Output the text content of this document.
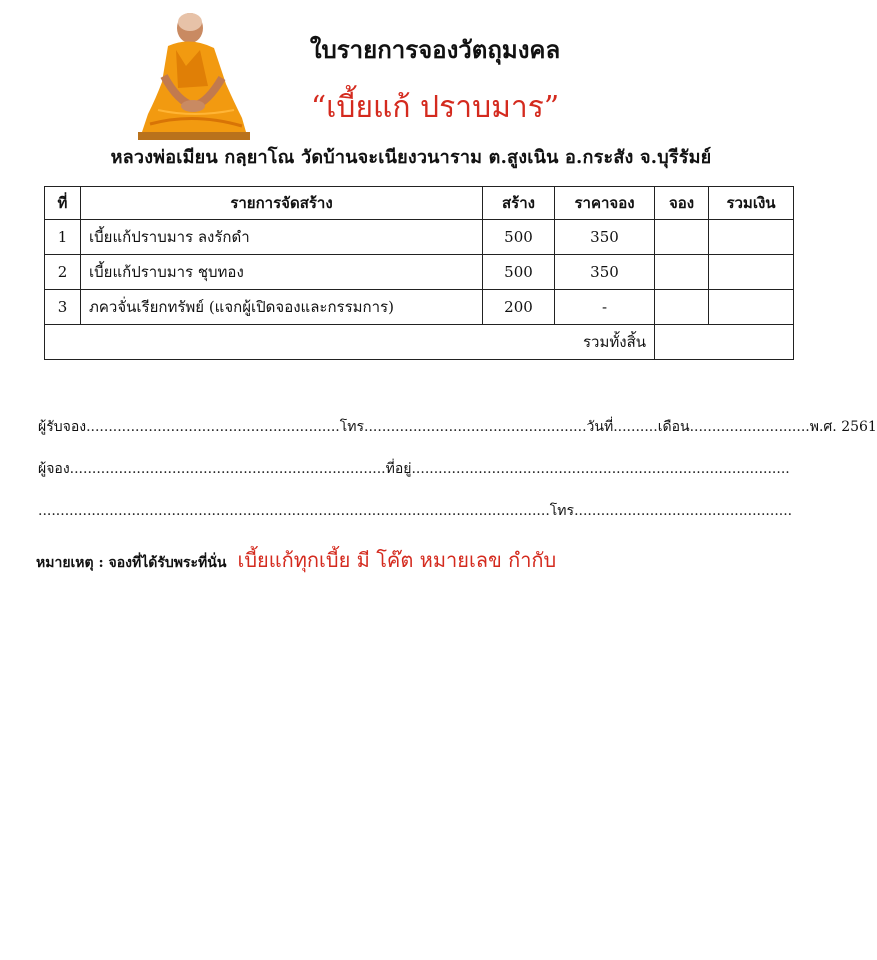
ใบรายการจองวัตถุมงคล
“เบี้ยแก้ ปราบมาร”
หลวงพ่อเมียน กลฺยาโณ วัดบ้านจะเนียงวนาราม ต.สูงเนิน อ.กระสัง จ.บุรีรัมย์
ที่	รายการจัดสร้าง	สร้าง	ราคาจอง	จอง	รวมเงิน
1	เบี้ยแก้ปราบมาร ลงรักดำ	500	350		
2	เบี้ยแก้ปราบมาร ชุบทอง	500	350		
3	ภควจั่นเรียกทรัพย์ (แจกผู้เปิดจองและกรรมการ)	200	-		
รวมทั้งสิ้น					
ผู้รับจอง.........................................................โทร..................................................วันที่..........เดือน...........................พ.ศ. 2561
ผู้จอง.......................................................................ที่อยู่.....................................................................................
...................................................................................................................โทร.................................................
หมายเหตุ : จองที่ได้รับพระที่นั่น เบี้ยแก้ทุกเบี้ย มี โค๊ต หมายเลข กำกับ
